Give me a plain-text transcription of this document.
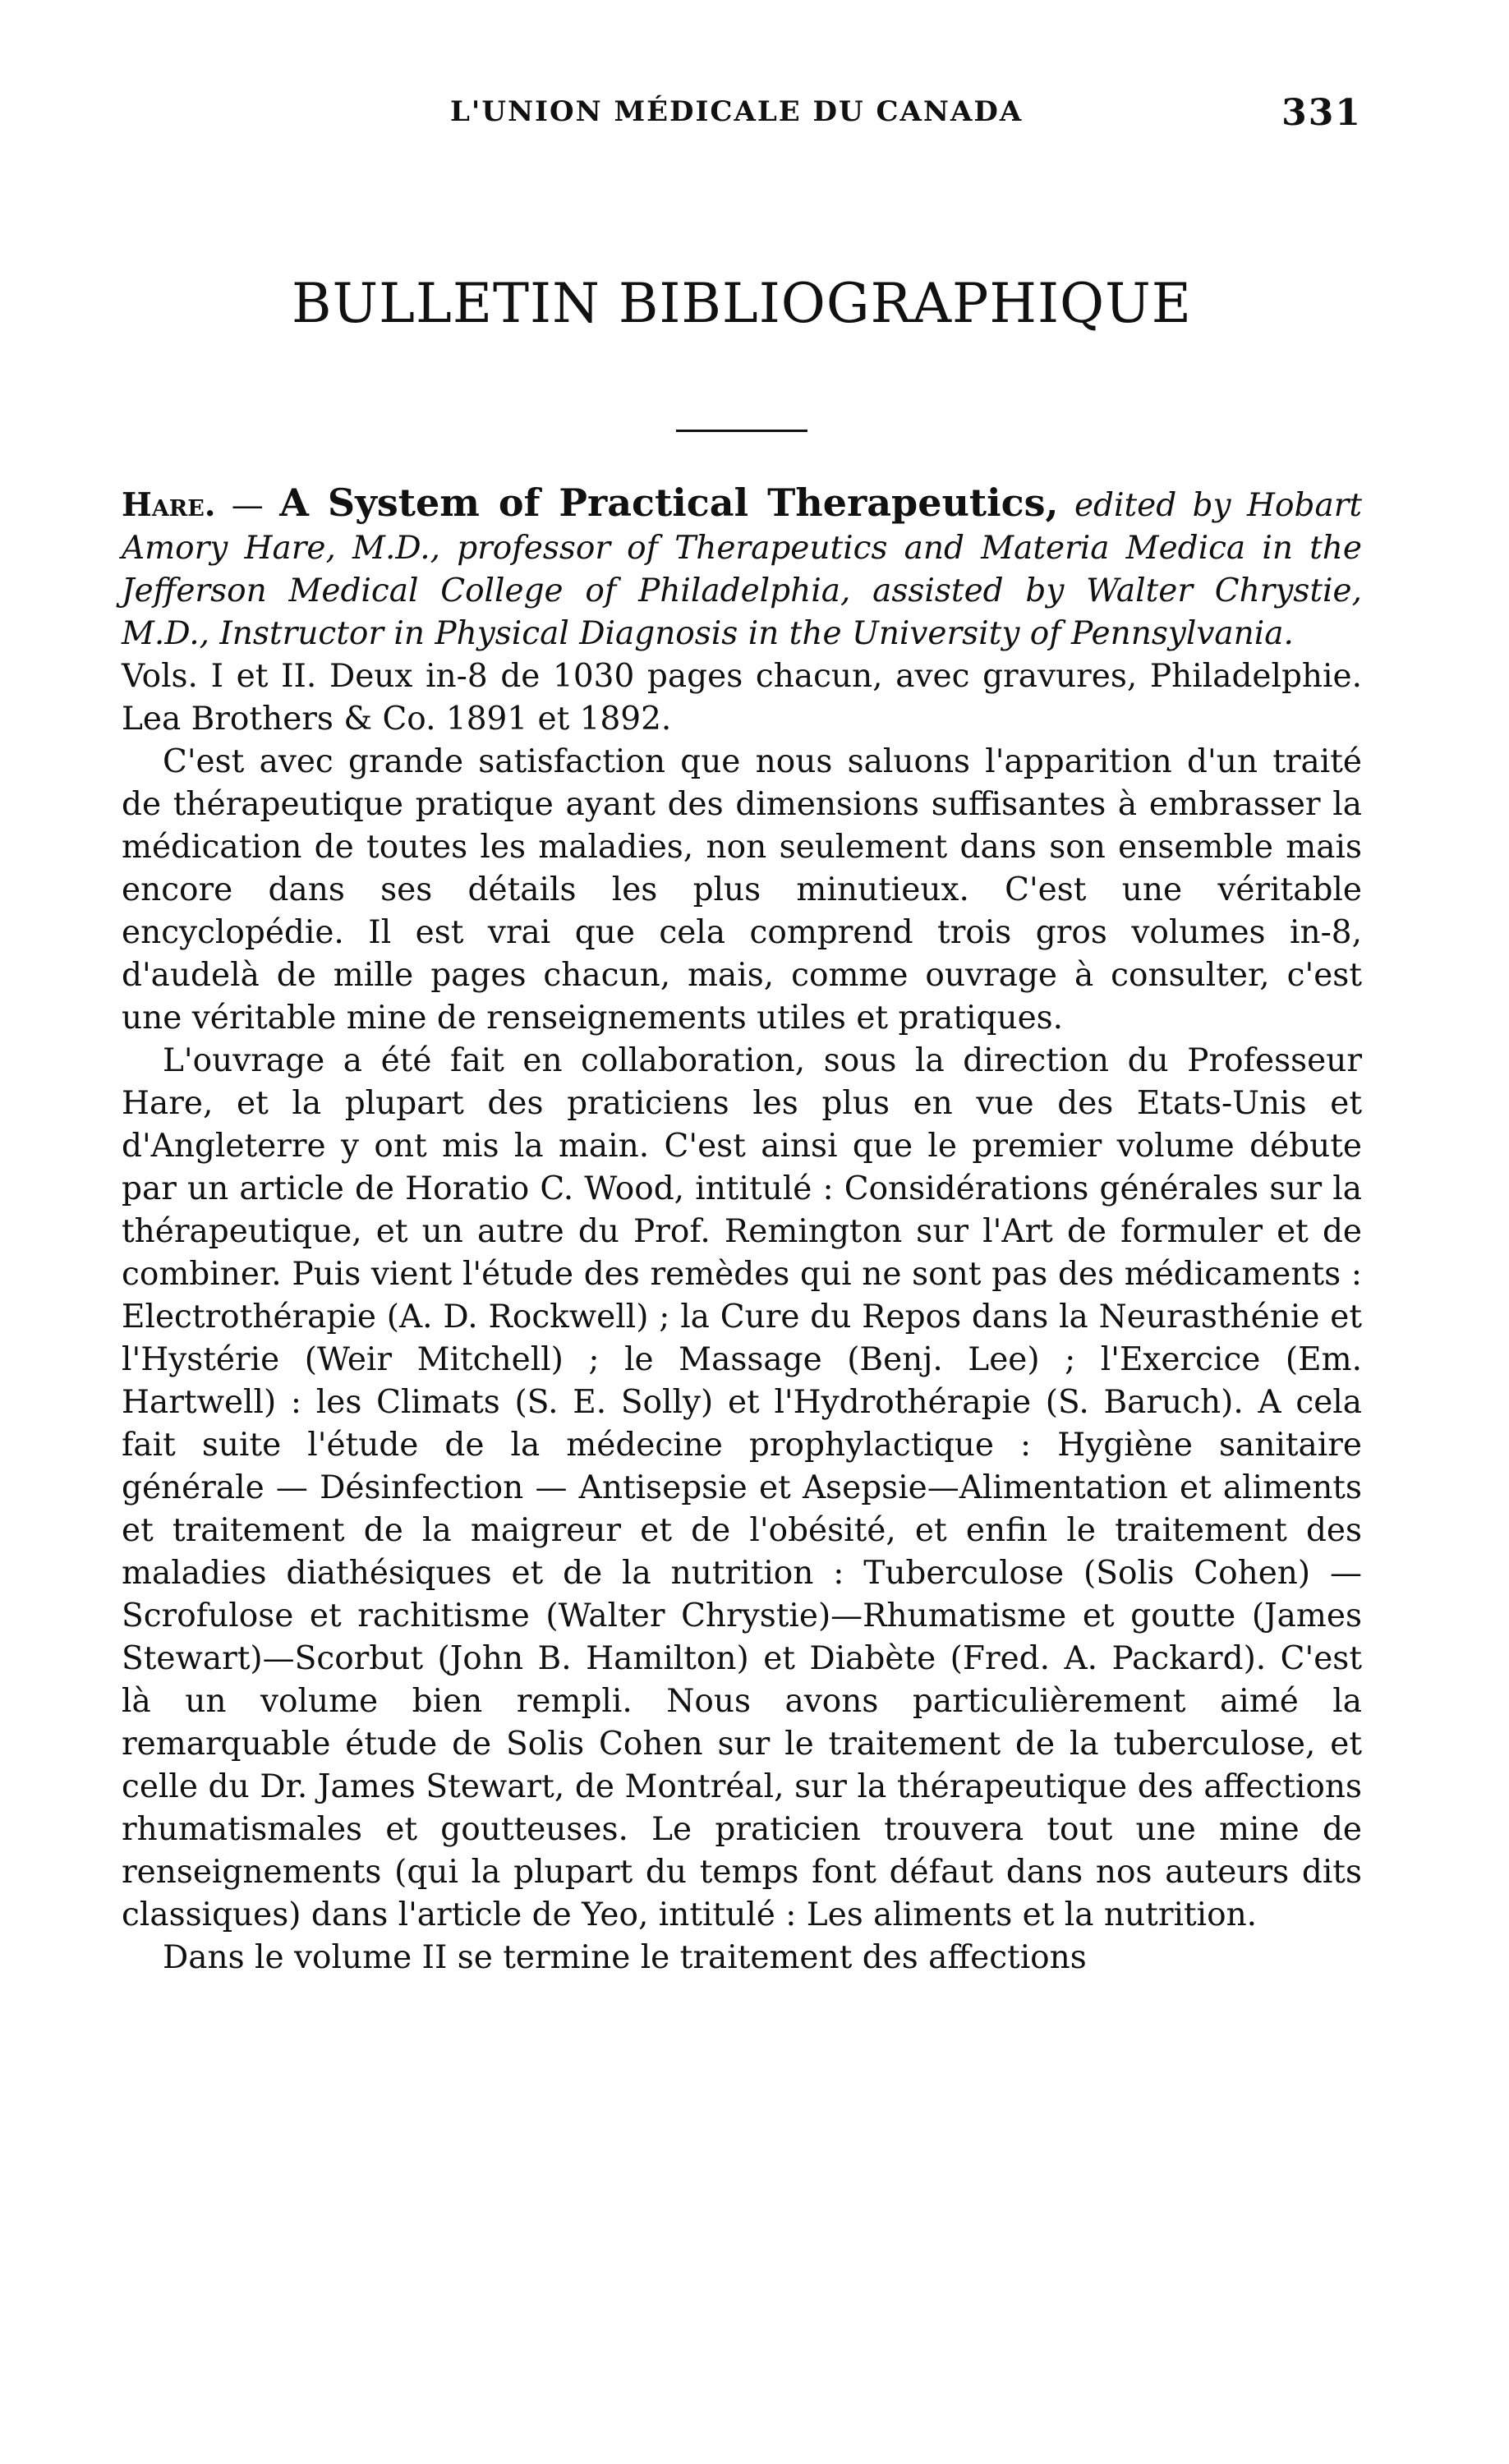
L'UNION MÉDICALE DU CANADA	331
BULLETIN BIBLIOGRAPHIQUE

Hare. — A System of Practical Therapeutics, edited by Hobart Amory Hare, M.D., professor of Therapeutics and Materia Medica in the Jefferson Medical College of Philadelphia, assisted by Walter Chrystie, M.D., Instructor in Physical Diagnosis in the University of Pennsylvania.

Vols. I et II. Deux in-8 de 1030 pages chacun, avec gravures, Philadelphie. Lea Brothers & Co. 1891 et 1892.

C'est avec grande satisfaction que nous saluons l'apparition d'un traité de thérapeutique pratique ayant des dimensions suffisantes à embrasser la médication de toutes les maladies, non seulement dans son ensemble mais encore dans ses détails les plus minutieux. C'est une véritable encyclopédie. Il est vrai que cela comprend trois gros volumes in-8, d'audelà de mille pages chacun, mais, comme ouvrage à consulter, c'est une véritable mine de renseignements utiles et pratiques.

L'ouvrage a été fait en collaboration, sous la direction du Professeur Hare, et la plupart des praticiens les plus en vue des Etats-Unis et d'Angleterre y ont mis la main. C'est ainsi que le premier volume débute par un article de Horatio C. Wood, intitulé : Considérations générales sur la thérapeutique, et un autre du Prof. Remington sur l'Art de formuler et de combiner. Puis vient l'étude des remèdes qui ne sont pas des médicaments : Electrothérapie (A. D. Rockwell) ; la Cure du Repos dans la Neurasthénie et l'Hystérie (Weir Mitchell) ; le Massage (Benj. Lee) ; l'Exercice (Em. Hartwell) : les Climats (S. E. Solly) et l'Hydrothérapie (S. Baruch). A cela fait suite l'étude de la médecine prophylactique : Hygiène sanitaire générale — Désinfection — Antisepsie et Asepsie—Alimentation et aliments et traitement de la maigreur et de l'obésité, et enfin le traitement des maladies diathésiques et de la nutrition : Tuberculose (Solis Cohen) — Scrofulose et rachitisme (Walter Chrystie)—Rhumatisme et goutte (James Stewart)—Scorbut (John B. Hamilton) et Diabète (Fred. A. Packard). C'est là un volume bien rempli. Nous avons particulièrement aimé la remarquable étude de Solis Cohen sur le traitement de la tuberculose, et celle du Dr. James Stewart, de Montréal, sur la thérapeutique des affections rhumatismales et goutteuses. Le praticien trouvera tout une mine de renseignements (qui la plupart du temps font défaut dans nos auteurs dits classiques) dans l'article de Yeo, intitulé : Les aliments et la nutrition.

Dans le volume II se termine le traitement des affections
